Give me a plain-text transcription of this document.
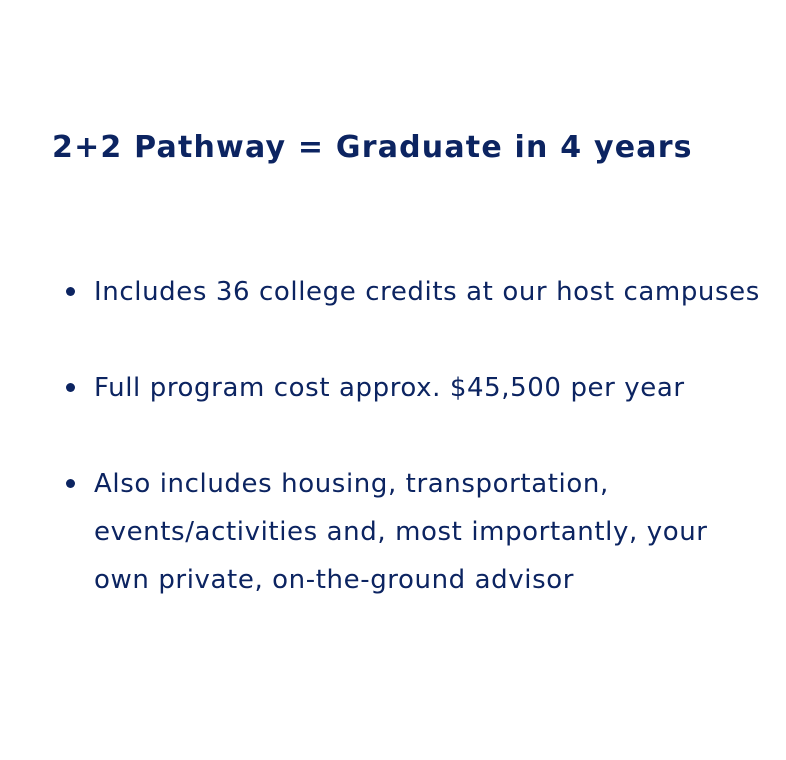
2+2 Pathway = Graduate in 4 years
Includes 36 college credits at our host campuses
Full program cost approx. $45,500 per year
Also includes housing, transportation, events/activities and, most importantly, your own private, on-the-ground advisor
